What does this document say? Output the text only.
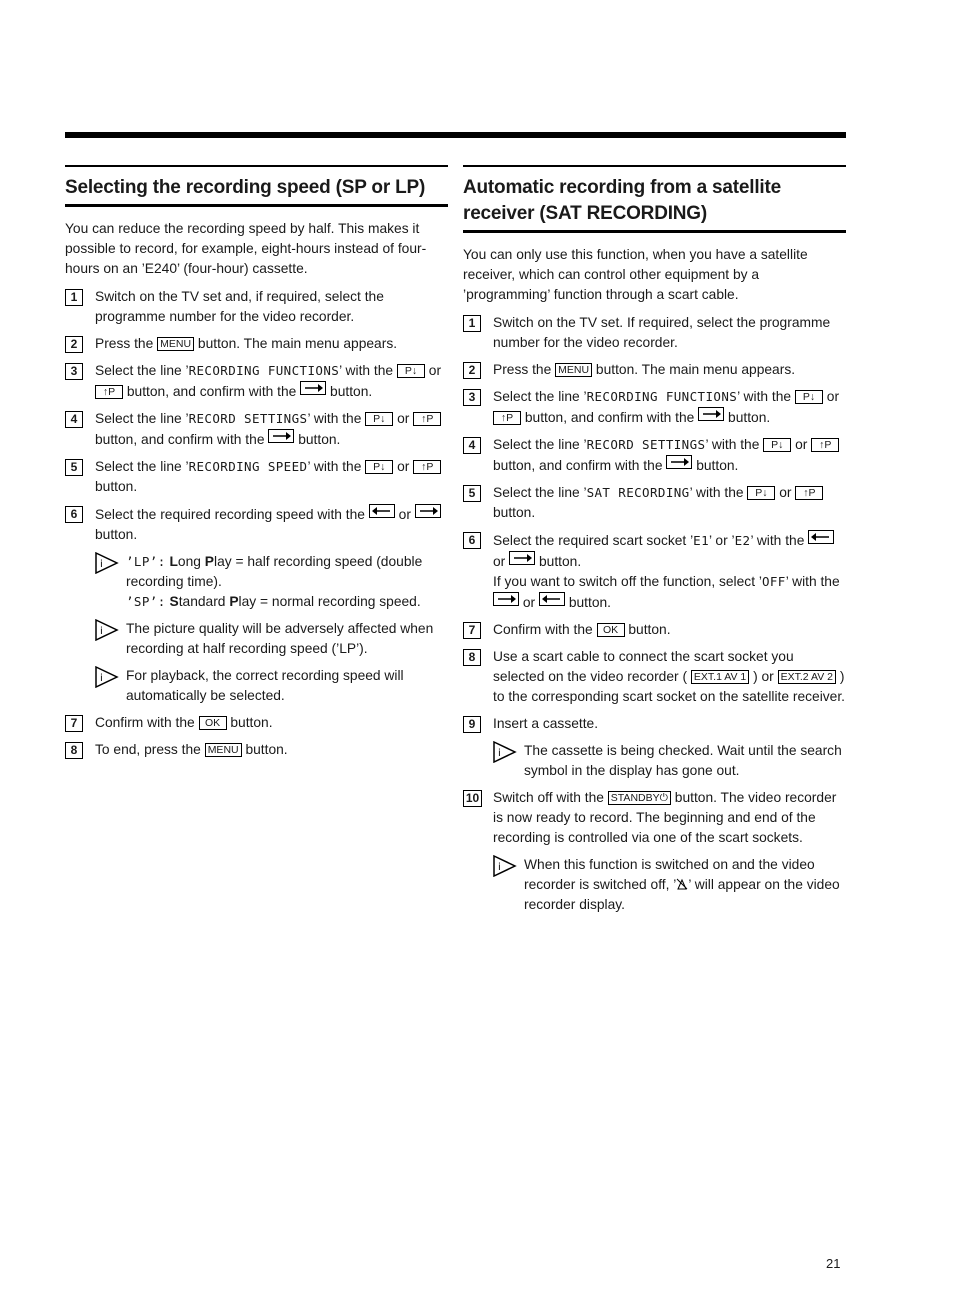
Selecting the recording speed (SP or LP)
You can reduce the recording speed by half. This makes it possible to record, for example, eight-hours instead of four-hours on an ’E240’ (four-hour) cassette.
1	Switch on the TV set and, if required, select the programme number for the video recorder.
2	Press the MENU button. The main menu appears.
3	Select the line ’RECORDING FUNCTIONS’ with the P↓ or ↑P button, and confirm with the button.
4	Select the line ’RECORD SETTINGS’ with the P↓ or ↑P button, and confirm with the button.
5	Select the line ’RECORDING SPEED’ with the P↓ or ↑P button.
6	Select the required recording speed with the or
button.
i ’LP’: Long Play = half recording speed (double recording time).
’SP’: Standard Play = normal recording speed.
i The picture quality will be adversely affected when recording at half recording speed (’LP’).
i For playback, the correct recording speed will automatically be selected.
7	Confirm with the OK button.
8	To end, press the MENU button.
Automatic recording from a satellite receiver (SAT RECORDING)
You can only use this function, when you have a satellite receiver, which can control other equipment by a ’programming’ function through a scart cable.
1	Switch on the TV set. If required, select the programme number for the video recorder.
2	Press the MENU button. The main menu appears.
3	Select the line ’RECORDING FUNCTIONS’ with the P↓ or ↑P button, and confirm with the button.
4	Select the line ’RECORD SETTINGS’ with the P↓ or ↑P button, and confirm with the button.
5	Select the line ’SAT RECORDING’ with the P↓ or ↑P button.
6	Select the required scart socket ’E1’ or ’E2’ with the
or button.
If you want to switch off the function, select ’OFF’ with the
or button.
7	Confirm with the OK button.
8	Use a scart cable to connect the scart socket you selected on the video recorder ( EXT.1 AV 1 ) or EXT.2 AV 2 ) to the corresponding scart socket on the satellite receiver.
9	Insert a cassette.
i The cassette is being checked. Wait until the search symbol in the display has gone out.
10 Switch off with the STANDBY⏻ button. The video recorder is now ready to record. The beginning and end of the recording is controlled via one of the scart sockets.
i When this function is switched on and the video recorder is switched off, ’ ’ will appear on the video recorder display.
21
